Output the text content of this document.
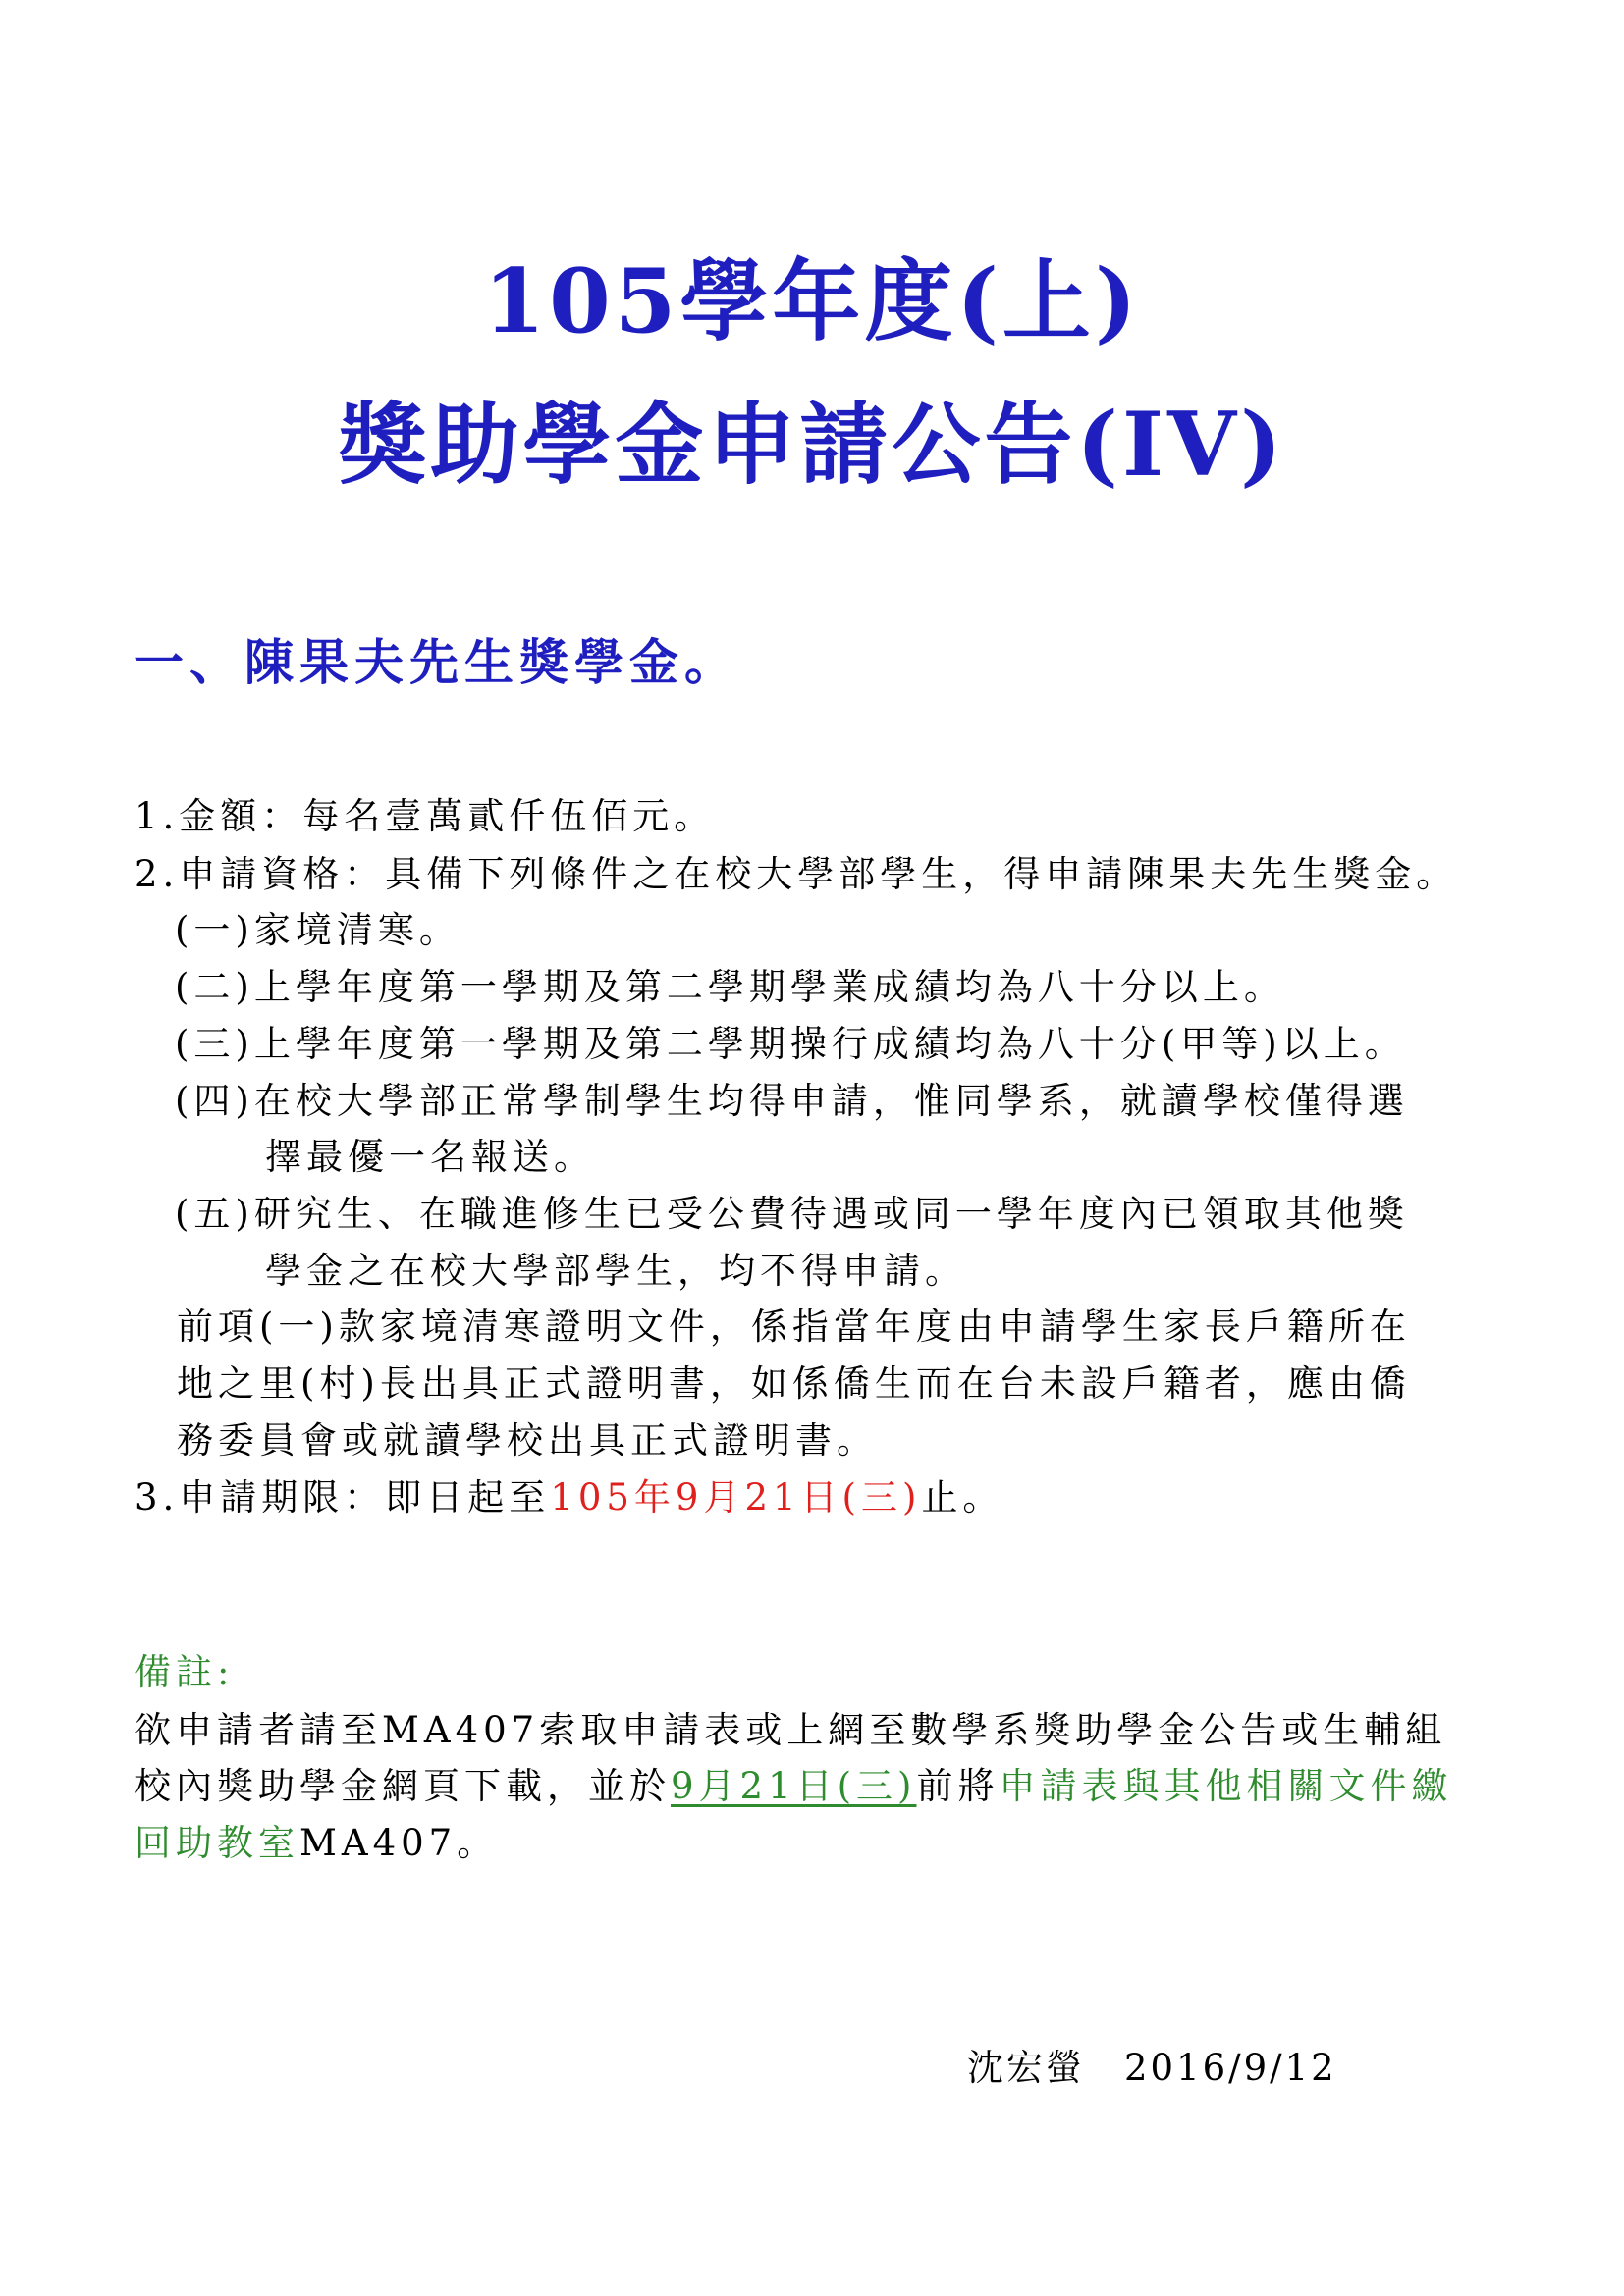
105學年度(上)
獎助學金申請公告(IV)
一、陳果夫先生獎學金。
1.金額：每名壹萬貳仟伍佰元。
2.申請資格：具備下列條件之在校大學部學生，得申請陳果夫先生獎金。
(一)家境清寒。
(二)上學年度第一學期及第二學期學業成績均為八十分以上。
(三)上學年度第一學期及第二學期操行成績均為八十分(甲等)以上。
(四)在校大學部正常學制學生均得申請，惟同學系，就讀學校僅得選
擇最優一名報送。
(五)研究生、在職進修生已受公費待遇或同一學年度內已領取其他獎
學金之在校大學部學生，均不得申請。
前項(一)款家境清寒證明文件，係指當年度由申請學生家長戶籍所在
地之里(村)長出具正式證明書，如係僑生而在台未設戶籍者，應由僑
務委員會或就讀學校出具正式證明書。
3.申請期限：即日起至105年9月21日(三)止。
備註:
欲申請者請至MA407索取申請表或上網至數學系獎助學金公告或生輔組
校內獎助學金網頁下載，並於9月21日(三)前將申請表與其他相關文件繳
回助教室MA407。
沈宏螢 2016/9/12
